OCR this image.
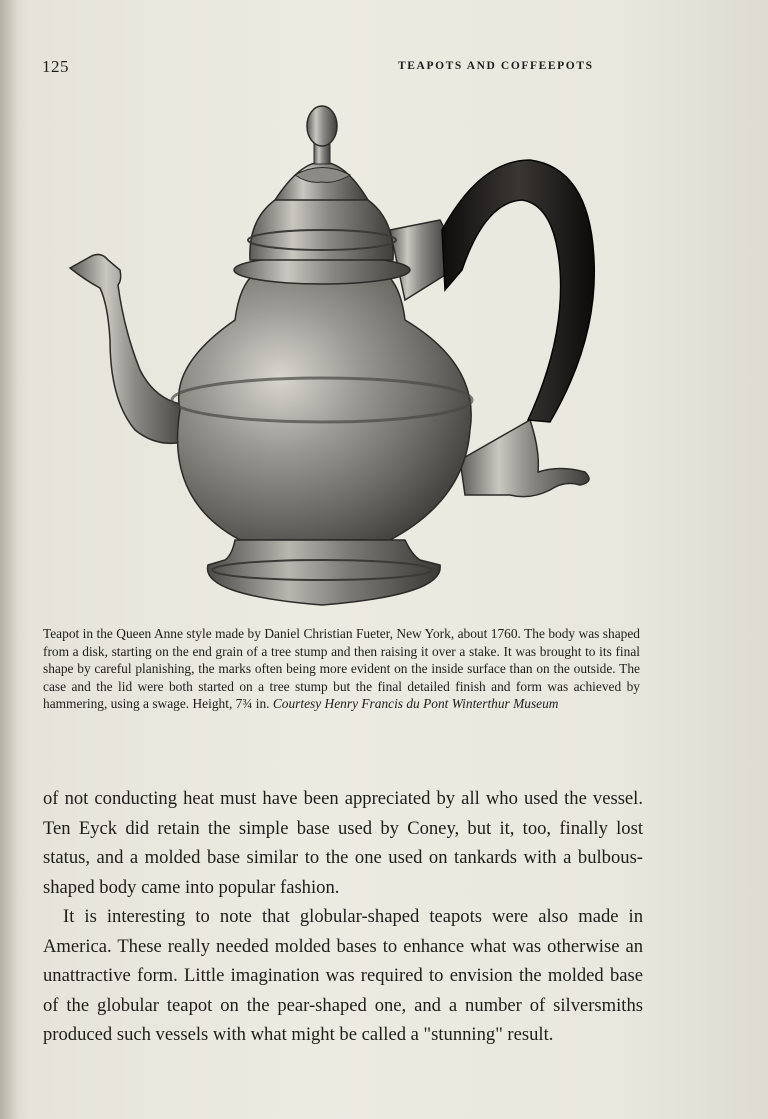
125	TEAPOTS AND COFFEEPOTS
Teapot in the Queen Anne style made by Daniel Christian Fueter, New York, about 1760. The body was shaped from a disk, starting on the end grain of a tree stump and then raising it over a stake. It was brought to its final shape by careful planishing, the marks often being more evident on the inside surface than on the outside. The case and the lid were both started on a tree stump but the final detailed finish and form was achieved by hammering, using a swage. Height, 7¾ in. Courtesy Henry Francis du Pont Winterthur Museum

of not conducting heat must have been appreciated by all who used the vessel. Ten Eyck did retain the simple base used by Coney, but it, too, finally lost status, and a molded base similar to the one used on tankards with a bulbous-shaped body came into popular fashion.

It is interesting to note that globular-shaped teapots were also made in America. These really needed molded bases to enhance what was otherwise an unattractive form. Little imagination was required to envision the molded base of the globular teapot on the pear-shaped one, and a number of silversmiths produced such vessels with what might be called a "stunning" result.
